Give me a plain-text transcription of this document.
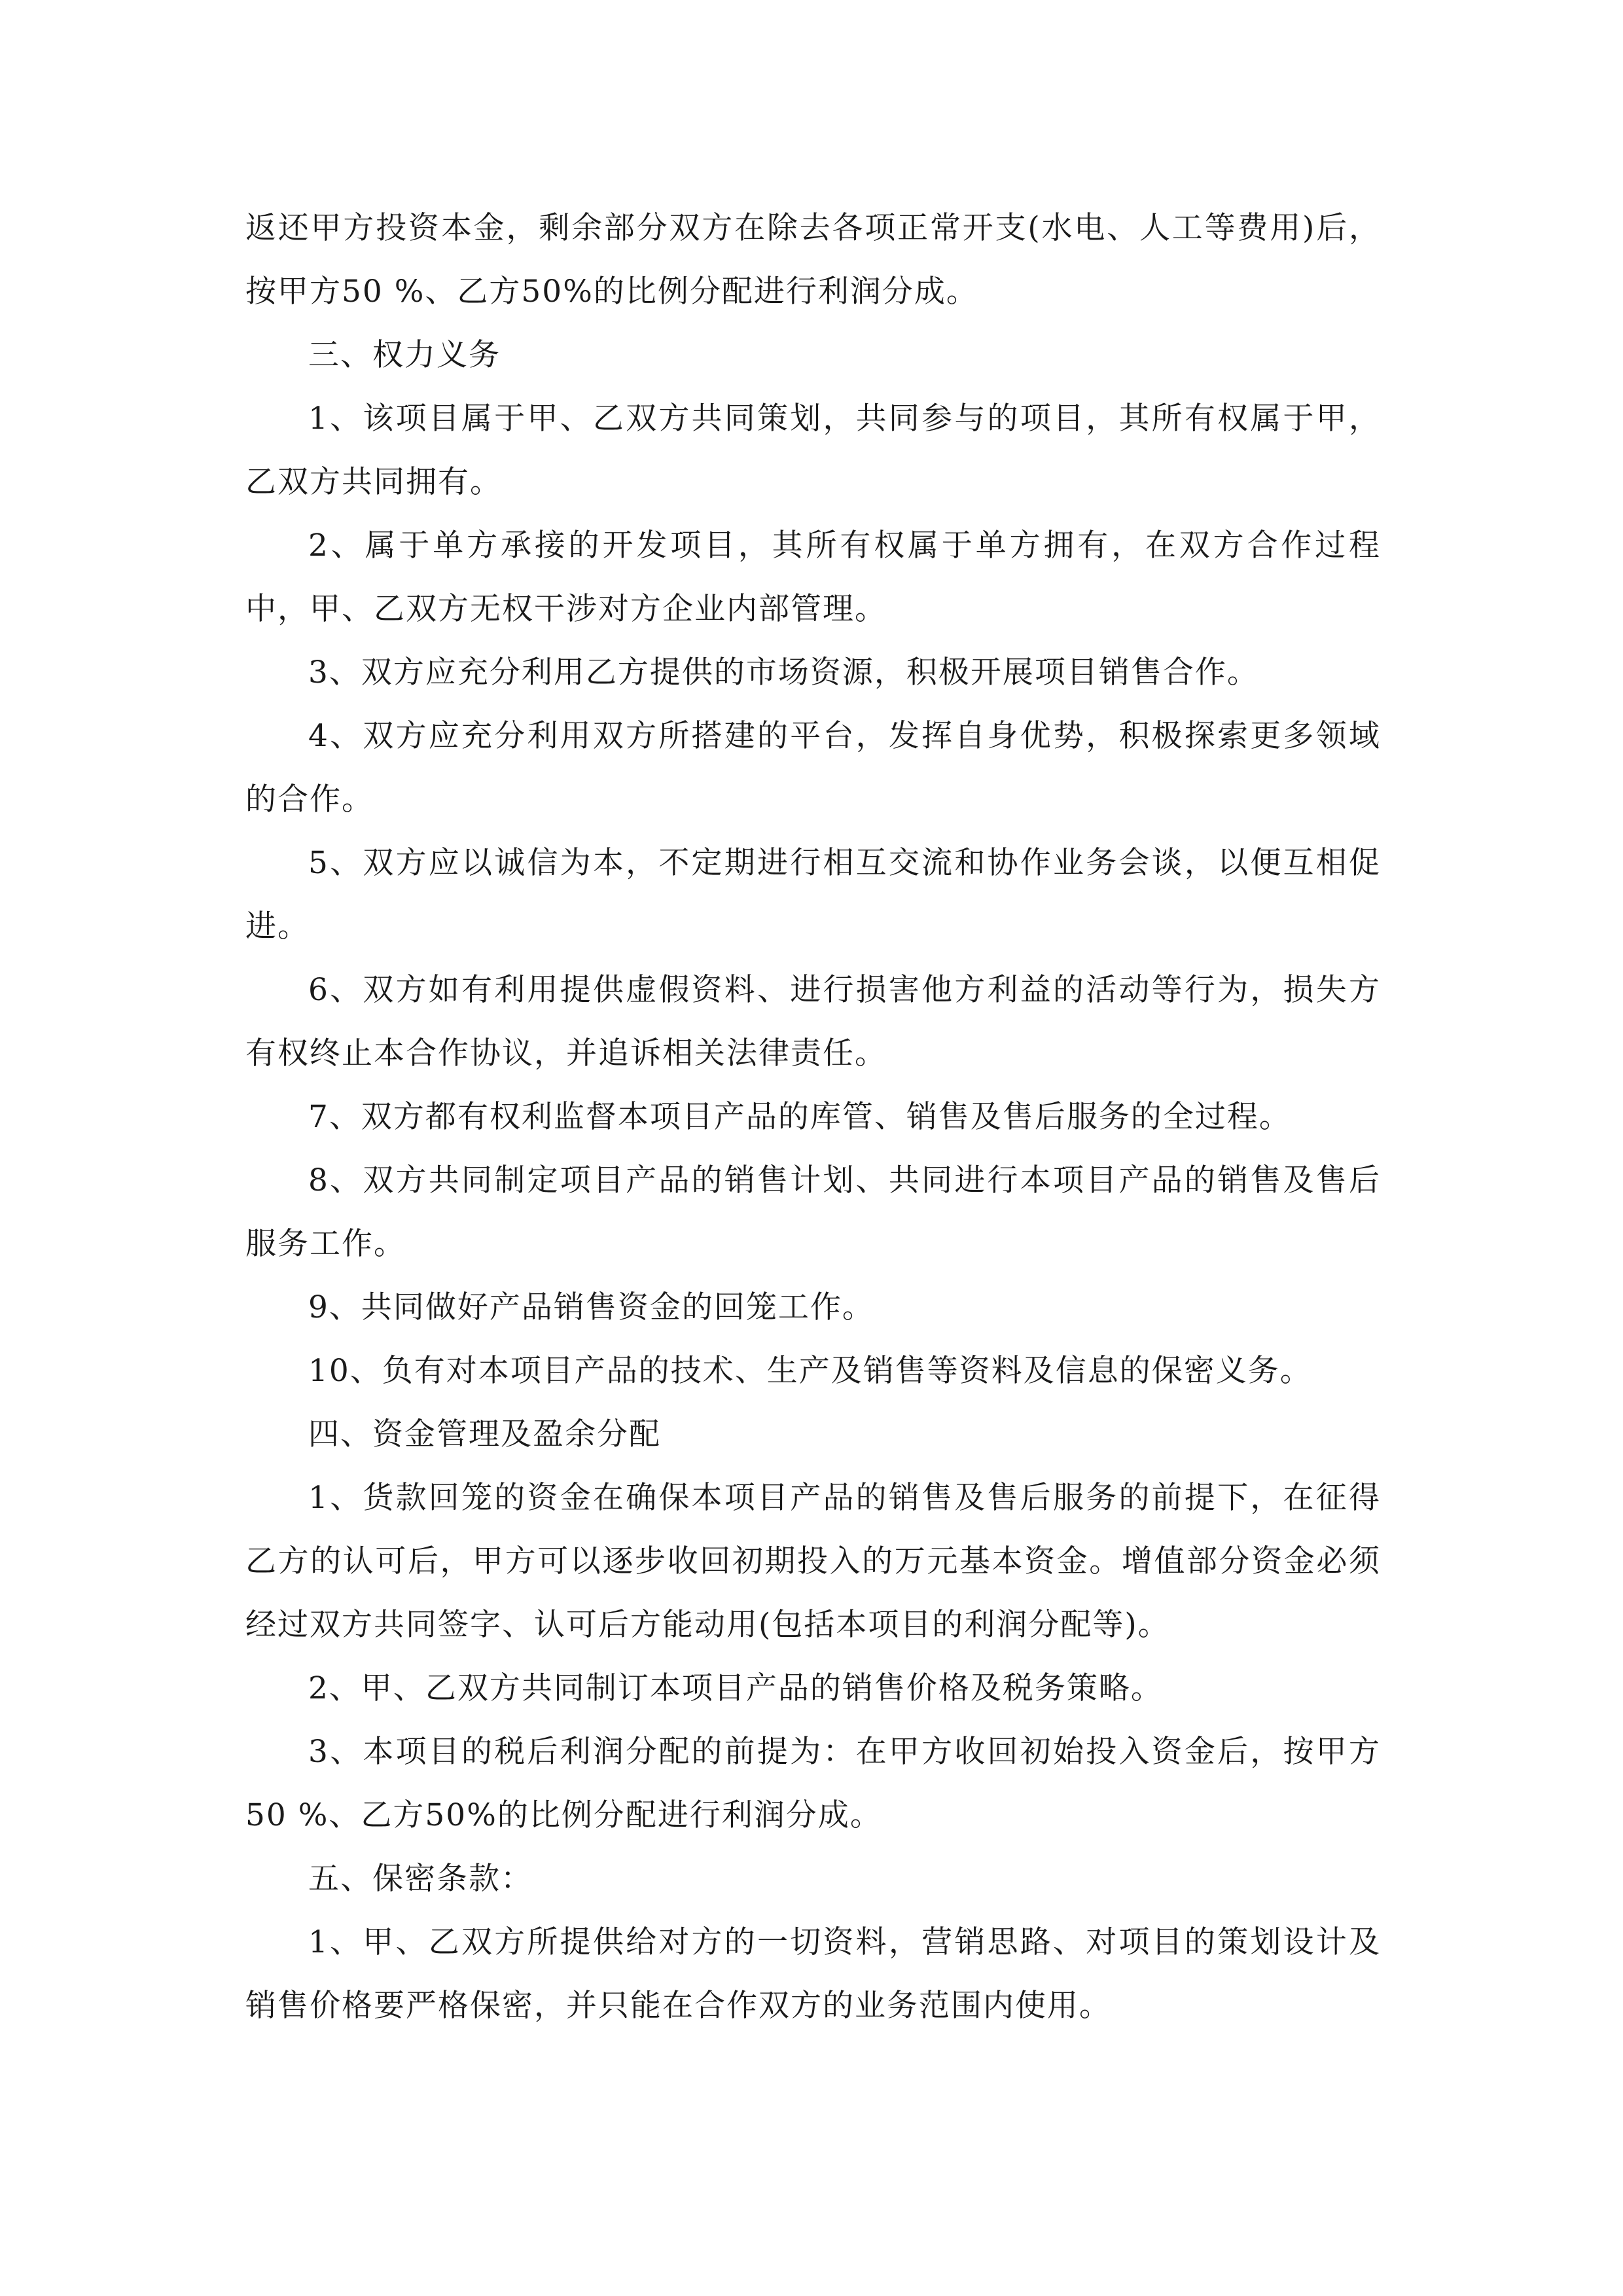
返还甲方投资本金，剩余部分双方在除去各项正常开支(水电、人工等费用)后，按甲方50 %、乙方50%的比例分配进行利润分成。

三、权力义务

1、该项目属于甲、乙双方共同策划，共同参与的项目，其所有权属于甲，乙双方共同拥有。

2、属于单方承接的开发项目，其所有权属于单方拥有，在双方合作过程中，甲、乙双方无权干涉对方企业内部管理。

3、双方应充分利用乙方提供的市场资源，积极开展项目销售合作。

4、双方应充分利用双方所搭建的平台，发挥自身优势，积极探索更多领域的合作。

5、双方应以诚信为本，不定期进行相互交流和协作业务会谈，以便互相促进。

6、双方如有利用提供虚假资料、进行损害他方利益的活动等行为，损失方有权终止本合作协议，并追诉相关法律责任。

7、双方都有权利监督本项目产品的库管、销售及售后服务的全过程。

8、双方共同制定项目产品的销售计划、共同进行本项目产品的销售及售后服务工作。

9、共同做好产品销售资金的回笼工作。

10、负有对本项目产品的技术、生产及销售等资料及信息的保密义务。

四、资金管理及盈余分配

1、货款回笼的资金在确保本项目产品的销售及售后服务的前提下，在征得乙方的认可后，甲方可以逐步收回初期投入的万元基本资金。增值部分资金必须经过双方共同签字、认可后方能动用(包括本项目的利润分配等)。

2、甲、乙双方共同制订本项目产品的销售价格及税务策略。

3、本项目的税后利润分配的前提为：在甲方收回初始投入资金后，按甲方50 %、乙方50%的比例分配进行利润分成。

五、保密条款：

1、甲、乙双方所提供给对方的一切资料，营销思路、对项目的策划设计及销售价格要严格保密，并只能在合作双方的业务范围内使用。
